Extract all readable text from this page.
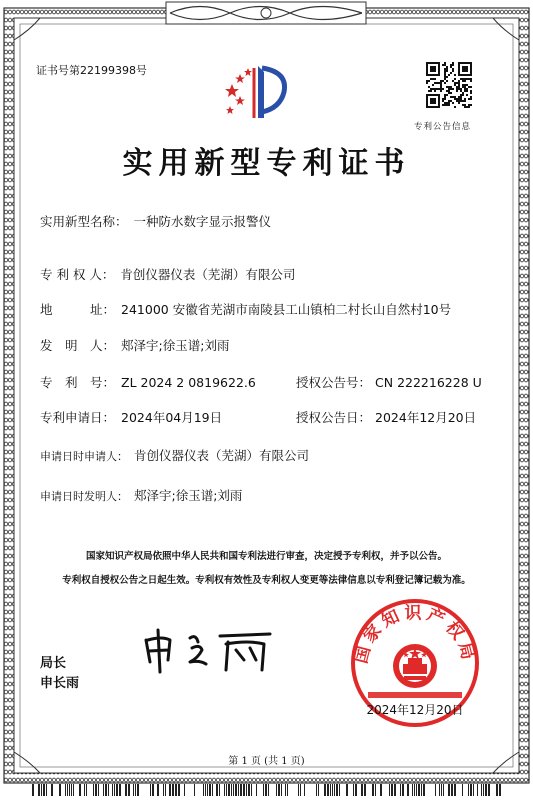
证书号第22199398号
专利公告信息
实用新型专利证书
实用新型名称： 一种防水数字显示报警仪
专 利 权 人： 肯创仪器仪表（芜湖）有限公司
地　　　址： 241000 安徽省芜湖市南陵县工山镇柏二村长山自然村10号
发　明　人： 郏泽宇;徐玉谱;刘雨
专　利　号： ZL 2024 2 0819622.6	授权公告号： CN 222216228 U
专利申请日： 2024年04月19日	授权公告日： 2024年12月20日
申请日时申请人： 肯创仪器仪表（芜湖）有限公司
申请日时发明人： 郏泽宇;徐玉谱;刘雨
国家知识产权局依照中华人民共和国专利法进行审查，决定授予专利权，并予以公告。
专利权自授权公告之日起生效。专利权有效性及专利权人变更等法律信息以专利登记簿记载为准。
局长
申长雨
国家知识产权局
2024年12月20日
第 1 页 (共 1 页)
